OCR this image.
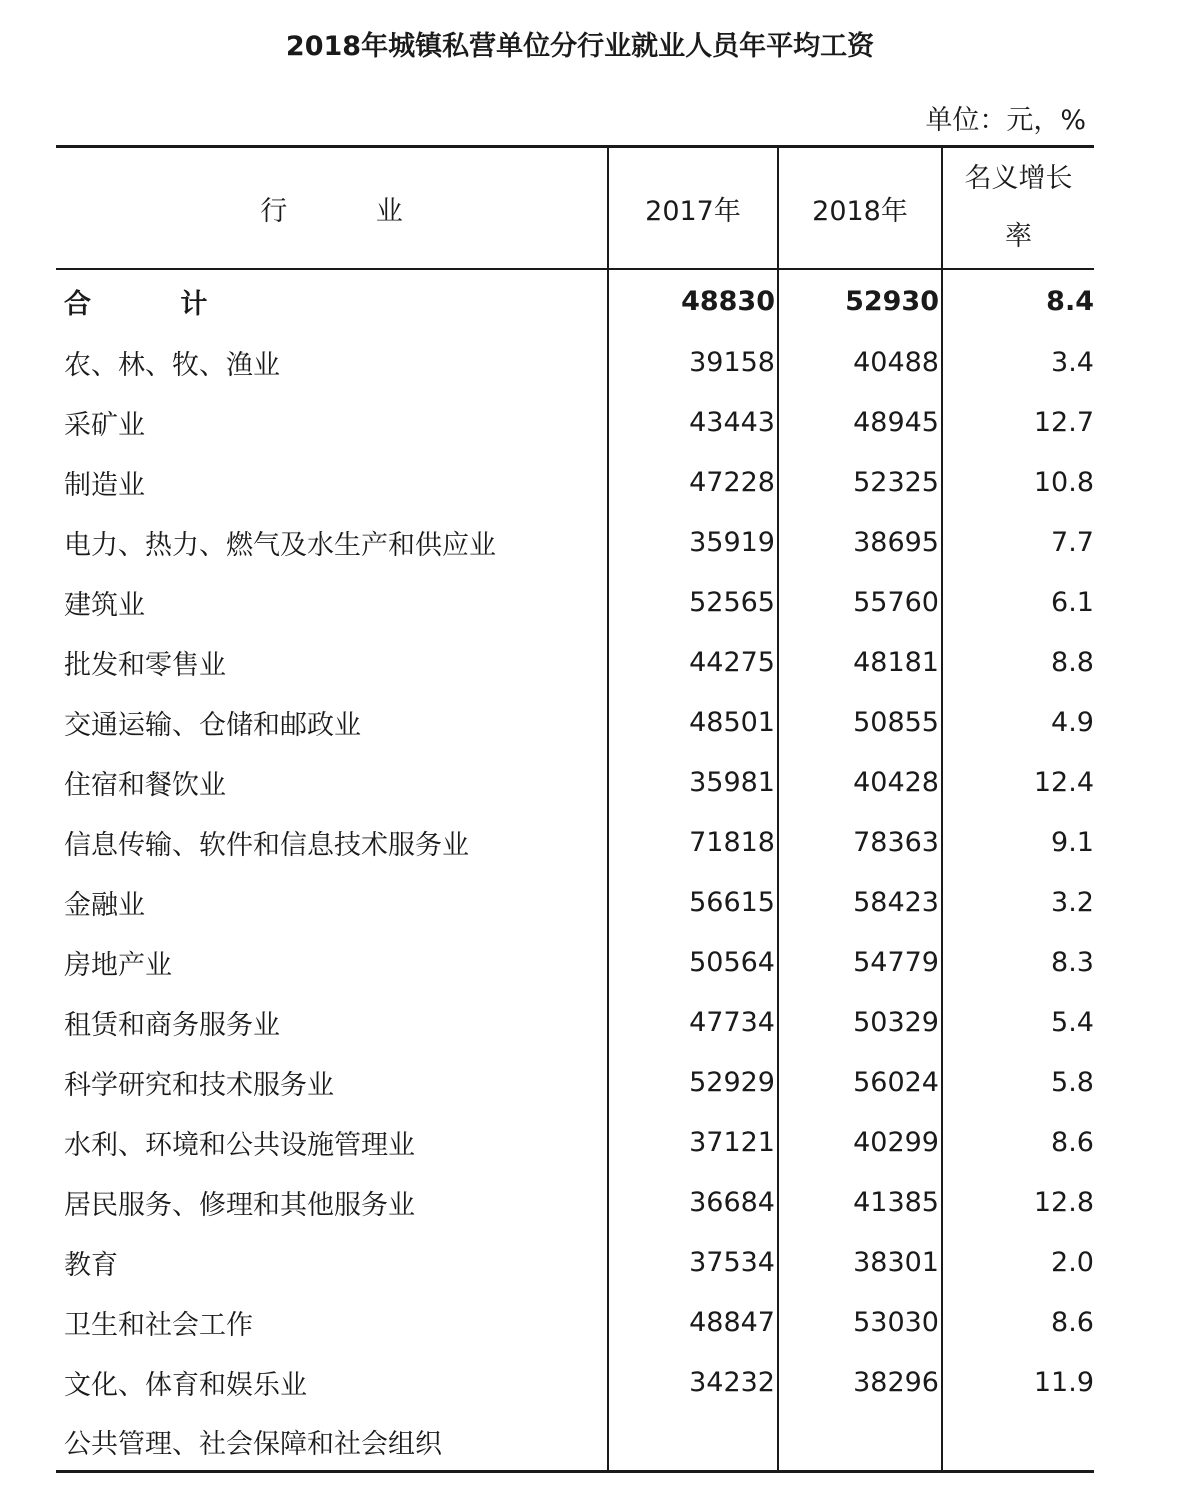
2018年城镇私营单位分行业就业人员年平均工资
单位：元，%
行 业	2017年	2018年	名义增长
率

合 计	48830	52930	8.4
农、林、牧、渔业	39158	40488	3.4
采矿业	43443	48945	12.7
制造业	47228	52325	10.8
电力、热力、燃气及水生产和供应业	35919	38695	7.7
建筑业	52565	55760	6.1
批发和零售业	44275	48181	8.8
交通运输、仓储和邮政业	48501	50855	4.9
住宿和餐饮业	35981	40428	12.4
信息传输、软件和信息技术服务业	71818	78363	9.1
金融业	56615	58423	3.2
房地产业	50564	54779	8.3
租赁和商务服务业	47734	50329	5.4
科学研究和技术服务业	52929	56024	5.8
水利、环境和公共设施管理业	37121	40299	8.6
居民服务、修理和其他服务业	36684	41385	12.8
教育	37534	38301	2.0
卫生和社会工作	48847	53030	8.6
文化、体育和娱乐业	34232	38296	11.9
公共管理、社会保障和社会组织			
